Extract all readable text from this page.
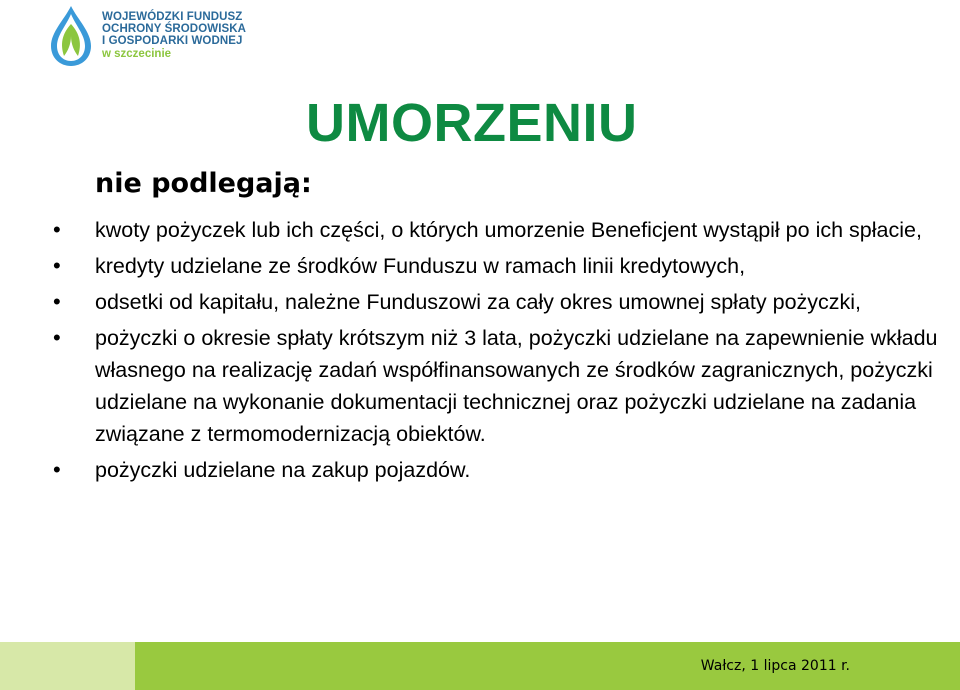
WOJEWÓDZKI FUNDUSZ
OCHRONY ŚRODOWISKA
I GOSPODARKI WODNEJ
w szczecinie
UMORZENIU
nie podlegają:
• kwoty pożyczek lub ich części, o których umorzenie Beneficjent wystąpił po ich spłacie,
• kredyty udzielane ze środków Funduszu w ramach linii kredytowych,
• odsetki od kapitału, należne Funduszowi za cały okres umownej spłaty pożyczki,
• pożyczki o okresie spłaty krótszym niż 3 lata, pożyczki udzielane na zapewnienie wkładu własnego na realizację zadań współfinansowanych ze środków zagranicznych, pożyczki udzielane na wykonanie dokumentacji technicznej oraz pożyczki udzielane na zadania związane z termomodernizacją obiektów.
• pożyczki udzielane na zakup pojazdów.
Wałcz, 1 lipca 2011 r.
